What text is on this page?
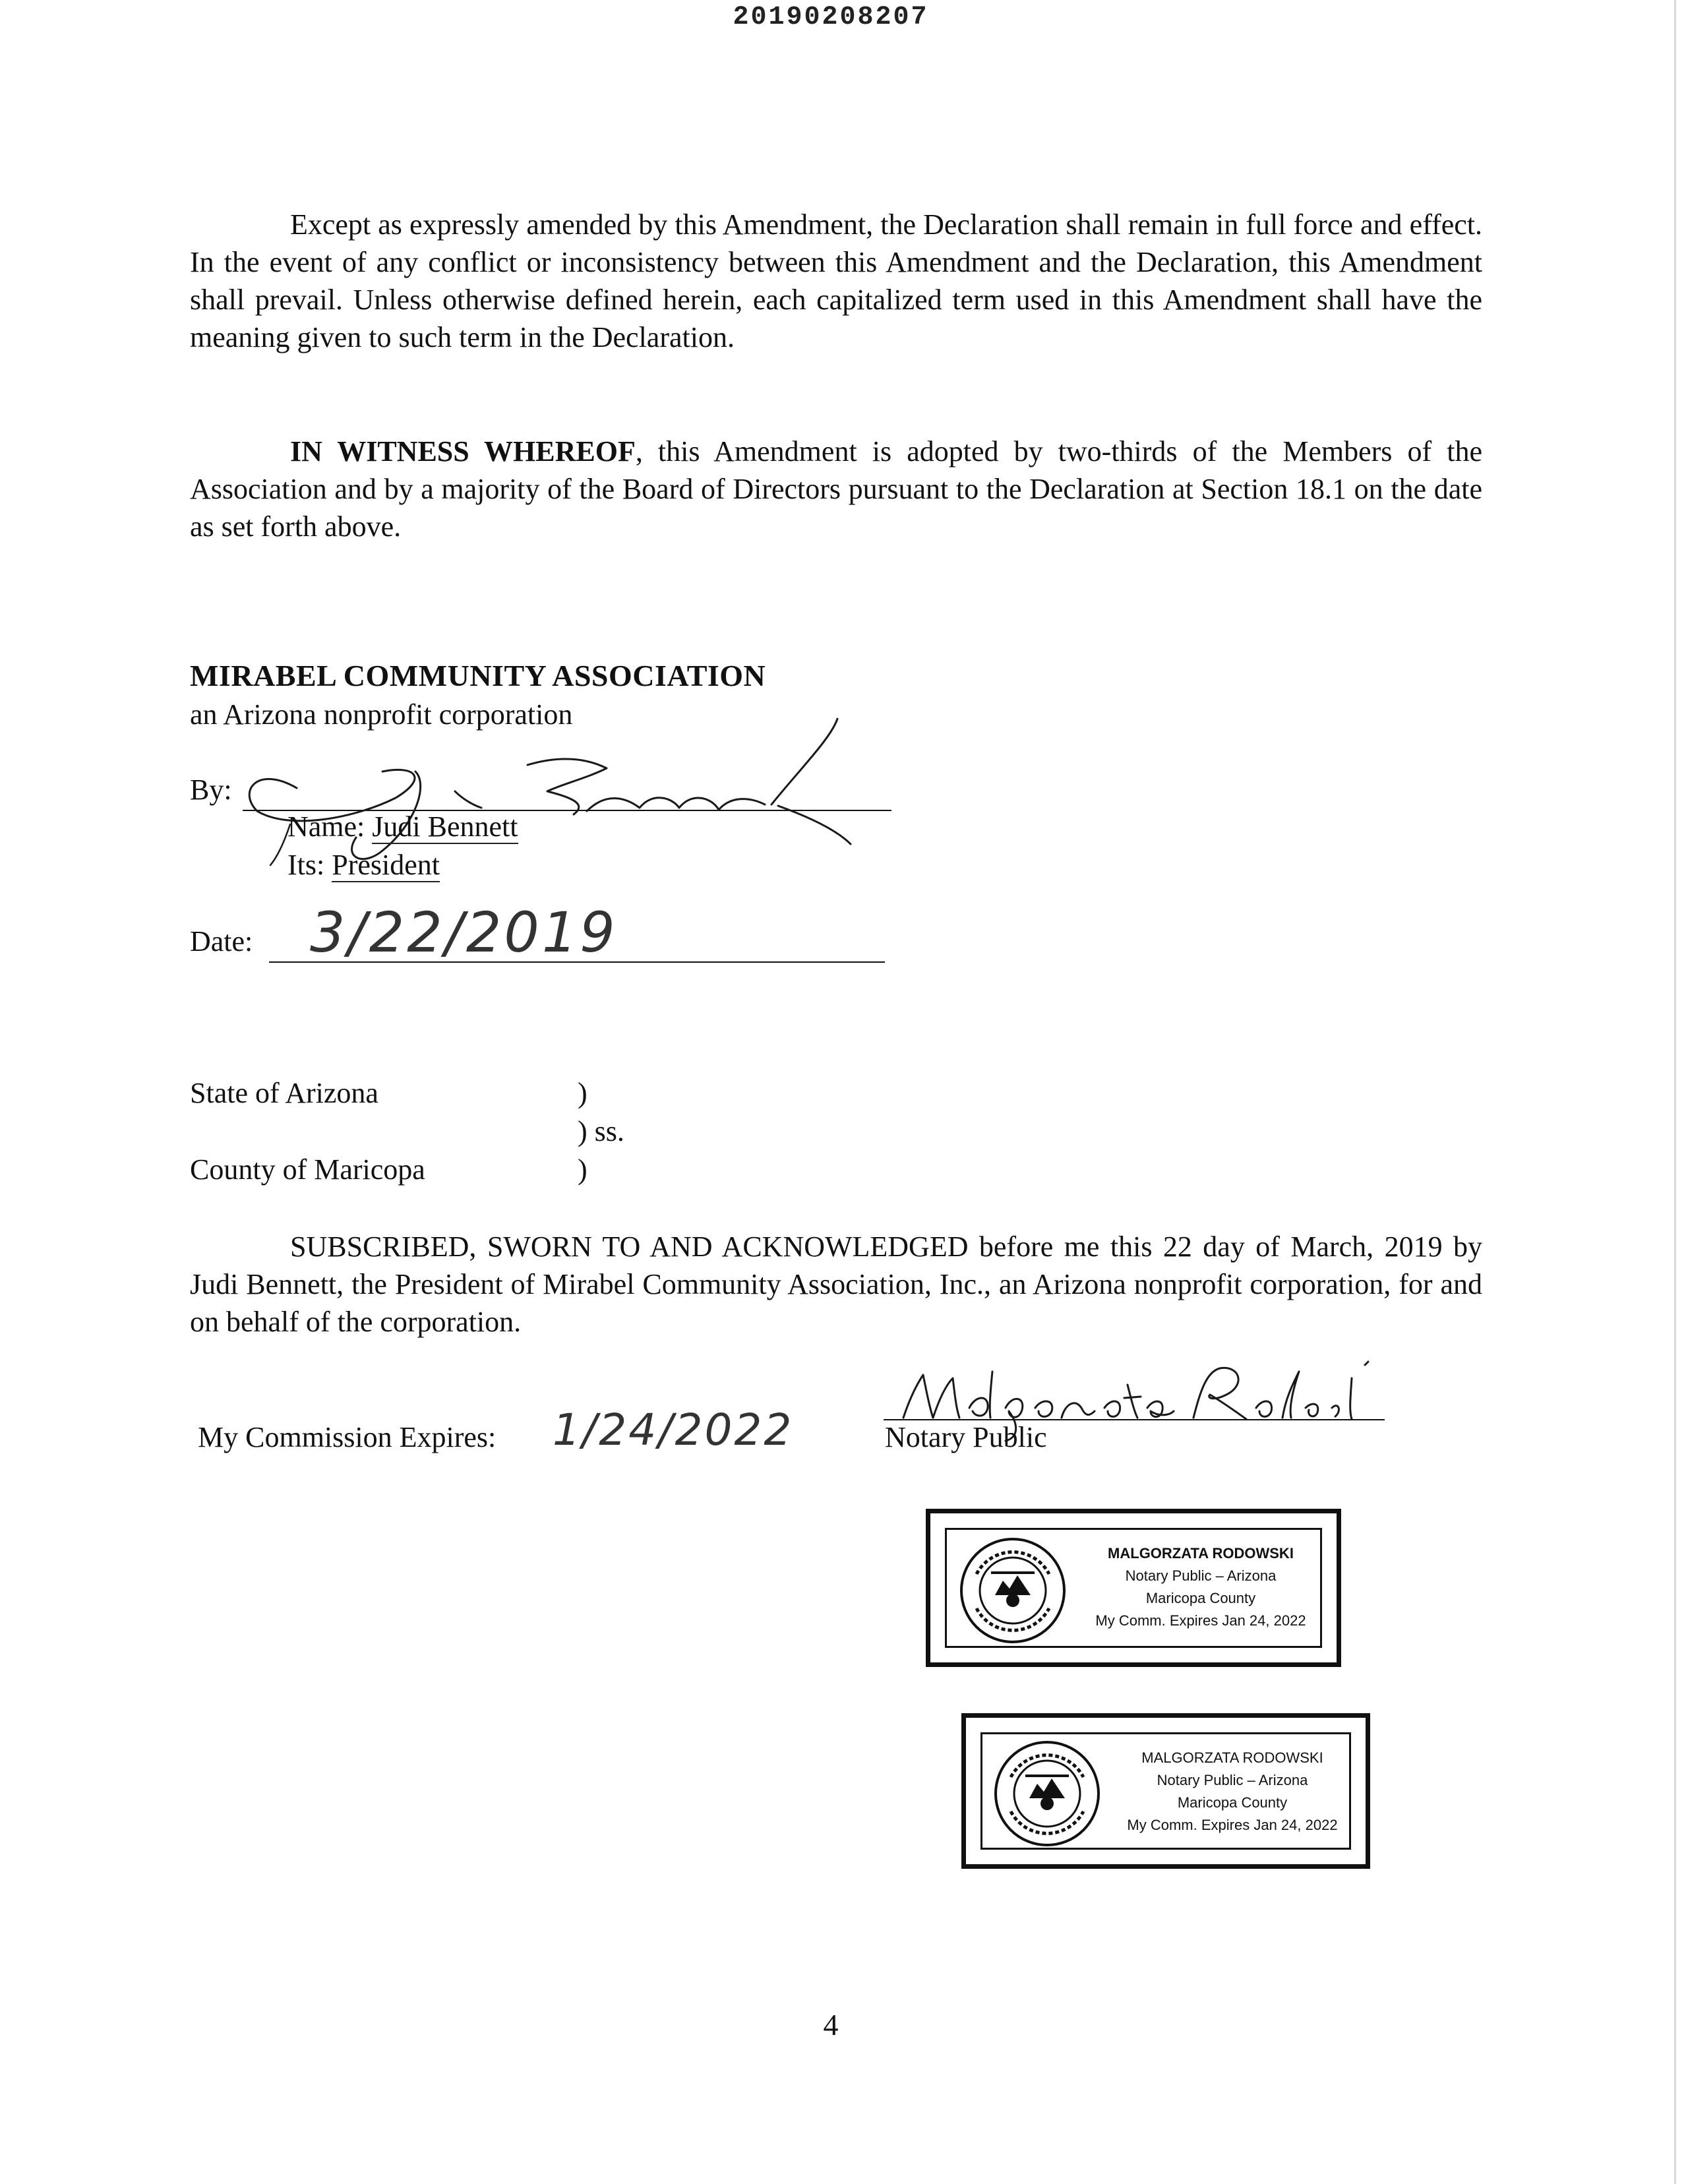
20190208207
Except as expressly amended by this Amendment, the Declaration shall remain in full force and effect. In the event of any conflict or inconsistency between this Amendment and the Declaration, this Amendment shall prevail. Unless otherwise defined herein, each capitalized term used in this Amendment shall have the meaning given to such term in the Declaration.
IN WITNESS WHEREOF, this Amendment is adopted by two-thirds of the Members of the Association and by a majority of the Board of Directors pursuant to the Declaration at Section 18.1 on the date as set forth above.
MIRABEL COMMUNITY ASSOCIATION
an Arizona nonprofit corporation
By:
Name: Judi Bennett
Its: President
Date: 3/22/2019
State of Arizona	)
) ss.
County of Maricopa	)
SUBSCRIBED, SWORN TO AND ACKNOWLEDGED before me this 22 day of March, 2019 by Judi Bennett, the President of Mirabel Community Association, Inc., an Arizona nonprofit corporation, for and on behalf of the corporation.
My Commission Expires: 1/24/2022	Notary Public
MALGORZATA RODOWSKI
Notary Public – Arizona
Maricopa County
My Comm. Expires Jan 24, 2022
MALGORZATA RODOWSKI
Notary Public – Arizona
Maricopa County
My Comm. Expires Jan 24, 2022
4
